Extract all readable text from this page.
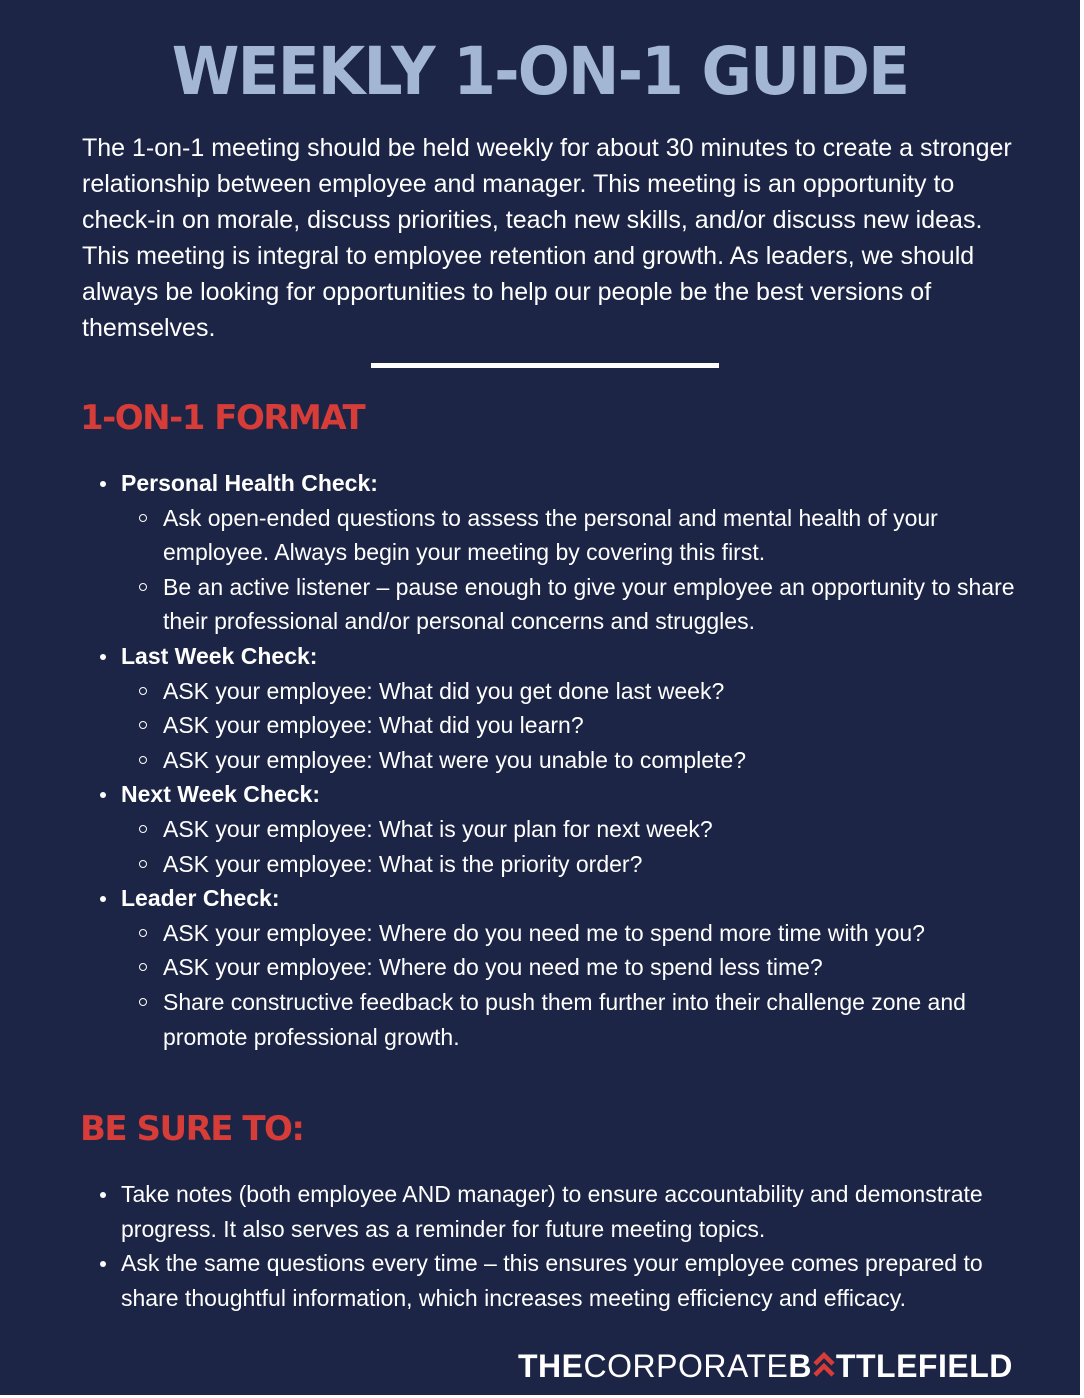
WEEKLY 1-ON-1 GUIDE

The 1-on-1 meeting should be held weekly for about 30 minutes to create a stronger relationship between employee and manager. This meeting is an opportunity to check-in on morale, discuss priorities, teach new skills, and/or discuss new ideas. This meeting is integral to employee retention and growth. As leaders, we should always be looking for opportunities to help our people be the best versions of themselves.

1-ON-1 FORMAT
Personal Health Check:
Ask open-ended questions to assess the personal and mental health of your employee. Always begin your meeting by covering this first.
Be an active listener – pause enough to give your employee an opportunity to share their professional and/or personal concerns and struggles.
Last Week Check:
ASK your employee: What did you get done last week?
ASK your employee: What did you learn?
ASK your employee: What were you unable to complete?
Next Week Check:
ASK your employee: What is your plan for next week?
ASK your employee: What is the priority order?
Leader Check:
ASK your employee: Where do you need me to spend more time with you?
ASK your employee: Where do you need me to spend less time?
Share constructive feedback to push them further into their challenge zone and promote professional growth.
BE SURE TO:
Take notes (both employee AND manager) to ensure accountability and demonstrate progress. It also serves as a reminder for future meeting topics.
Ask the same questions every time – this ensures your employee comes prepared to share thoughtful information, which increases meeting efficiency and efficacy.
THECORPORATEB TTLEFIELD
